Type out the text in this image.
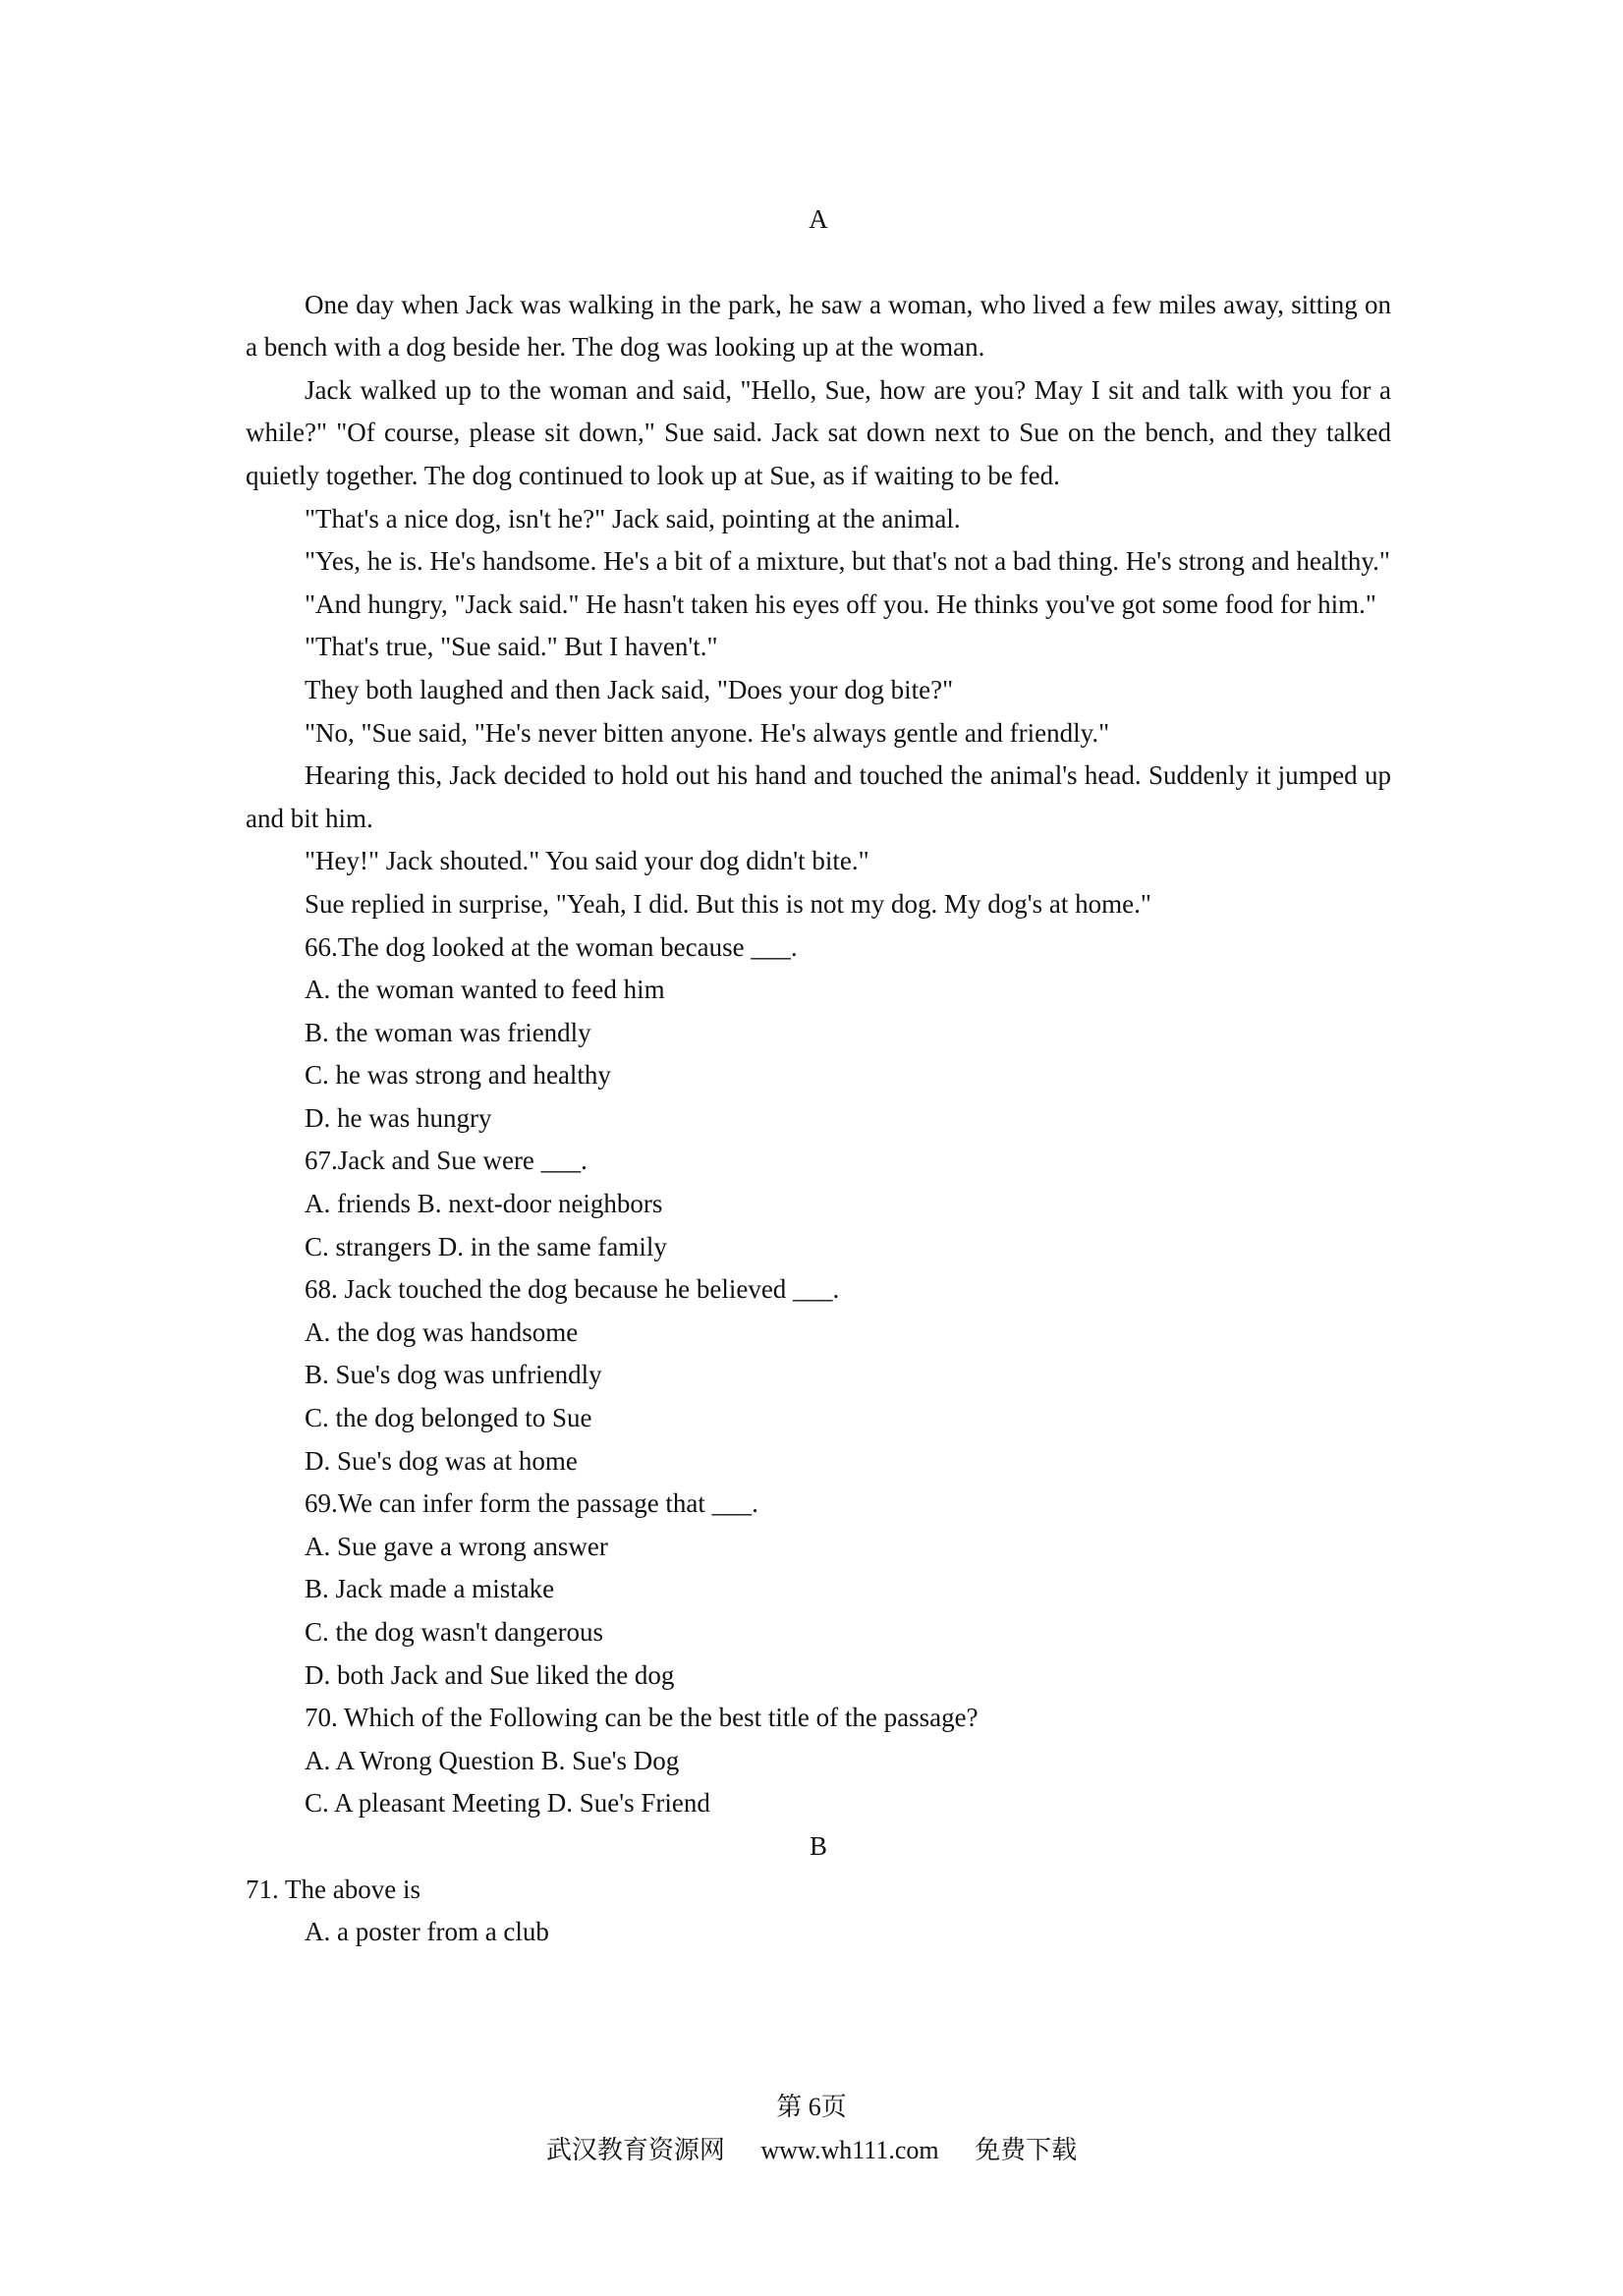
A

One day when Jack was walking in the park, he saw a woman, who lived a few miles away, sitting on a bench with a dog beside her. The dog was looking up at the woman.

Jack walked up to the woman and said, "Hello, Sue, how are you? May I sit and talk with you for a while?" "Of course, please sit down," Sue said. Jack sat down next to Sue on the bench, and they talked quietly together. The dog continued to look up at Sue, as if waiting to be fed.

"That's a nice dog, isn't he?" Jack said, pointing at the animal.

"Yes, he is. He's handsome. He's a bit of a mixture, but that's not a bad thing. He's strong and healthy."

"And hungry, "Jack said." He hasn't taken his eyes off you. He thinks you've got some food for him."

"That's true, "Sue said." But I haven't."

They both laughed and then Jack said, "Does your dog bite?"

"No, "Sue said, "He's never bitten anyone. He's always gentle and friendly."

Hearing this, Jack decided to hold out his hand and touched the animal's head. Suddenly it jumped up and bit him.

"Hey!" Jack shouted." You said your dog didn't bite."

Sue replied in surprise, "Yeah, I did. But this is not my dog. My dog's at home."

66.The dog looked at the woman because ___.
A. the woman wanted to feed him
B. the woman was friendly
C. he was strong and healthy
D. he was hungry
67.Jack and Sue were ___.
A. friends B. next-door neighbors
C. strangers D. in the same family
68. Jack touched the dog because he believed ___.
A. the dog was handsome
B. Sue's dog was unfriendly
C. the dog belonged to Sue
D. Sue's dog was at home
69.We can infer form the passage that ___.
A. Sue gave a wrong answer
B. Jack made a mistake
C. the dog wasn't dangerous
D. both Jack and Sue liked the dog
70. Which of the Following can be the best title of the passage?
A. A Wrong Question B. Sue's Dog
C. A pleasant Meeting D. Sue's Friend
B
71. The above is
A. a poster from a club
第 6页
武汉教育资源网 www.wh111.com 免费下载
